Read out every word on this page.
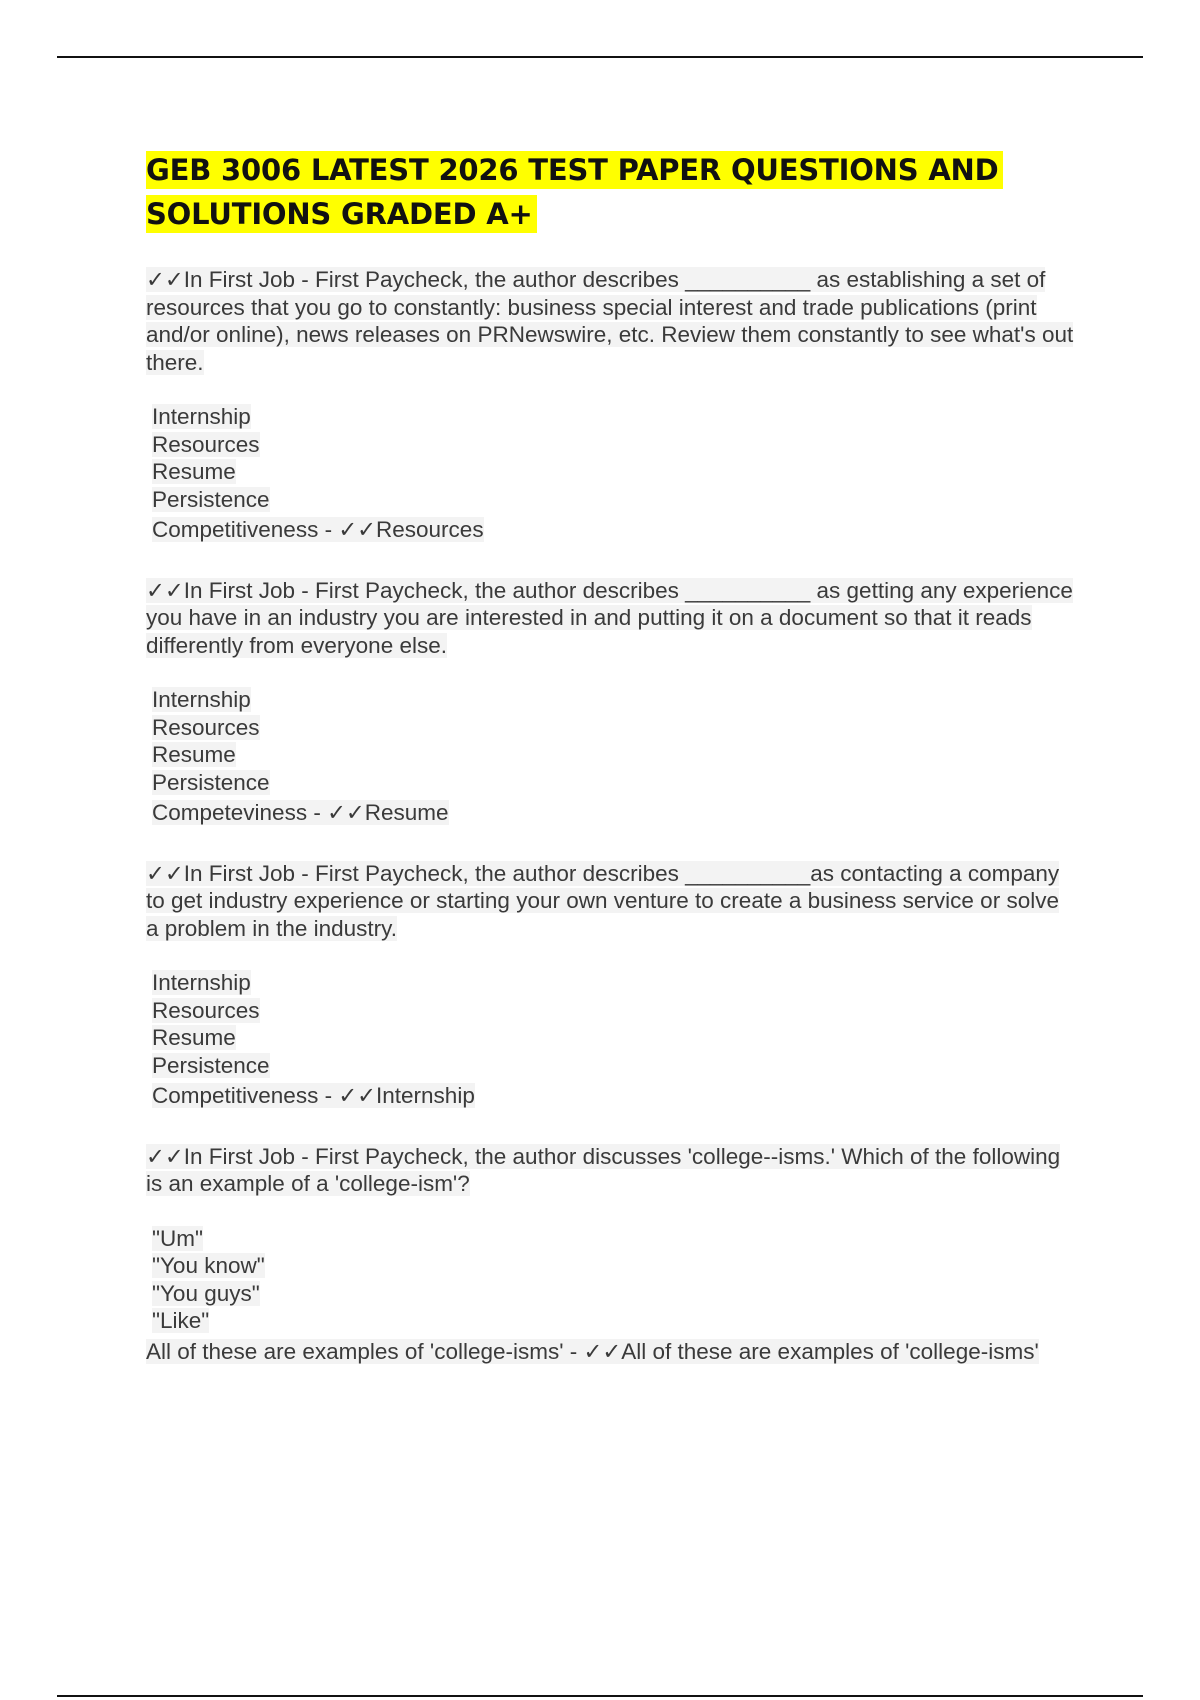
GEB 3006 LATEST 2026 TEST PAPER QUESTIONS AND SOLUTIONS GRADED A+

✓✓In First Job - First Paycheck, the author describes __________ as establishing a set of resources that you go to constantly: business special interest and trade publications (print and/or online), news releases on PRNewswire, etc. Review them constantly to see what's out there.

Internship
Resources
Resume
Persistence
Competitiveness - ✓✓Resources

✓✓In First Job - First Paycheck, the author describes __________ as getting any experience you have in an industry you are interested in and putting it on a document so that it reads differently from everyone else.

Internship
Resources
Resume
Persistence
Competeviness - ✓✓Resume

✓✓In First Job - First Paycheck, the author describes __________as contacting a company to get industry experience or starting your own venture to create a business service or solve a problem in the industry.

Internship
Resources
Resume
Persistence
Competitiveness - ✓✓Internship

✓✓In First Job - First Paycheck, the author discusses 'college--isms.' Which of the following is an example of a 'college-ism'?

"Um"
"You know"
"You guys"
"Like"
All of these are examples of 'college-isms' - ✓✓All of these are examples of 'college-isms'
